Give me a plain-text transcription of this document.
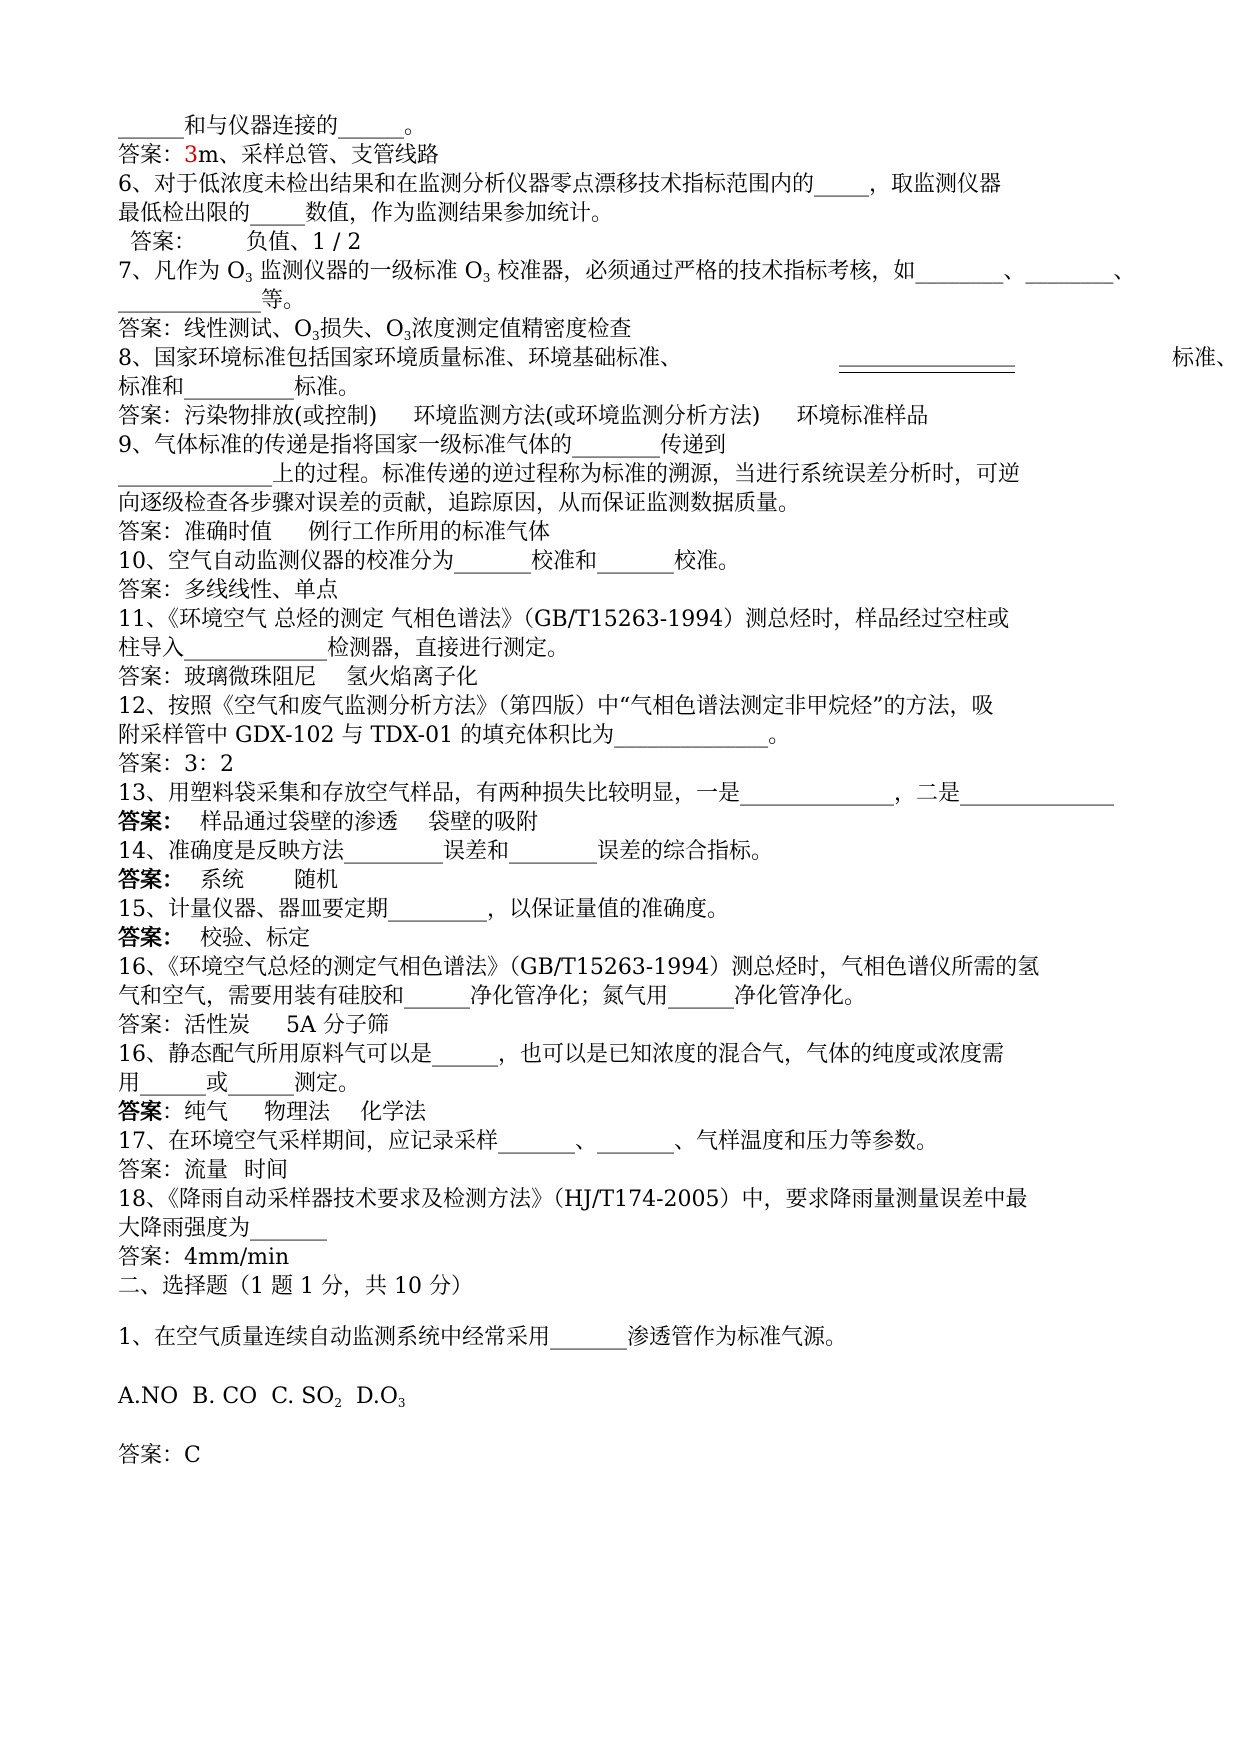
______和与仪器连接的______。
答案：3m、采样总管、支管线路
6、对于低浓度未检出结果和在监测分析仪器零点漂移技术指标范围内的_____，取监测仪器
最低检出限的_____数值，作为监测结果参加统计。
答案： 负值、1 / 2
7、凡作为 $O_3$ 监测仪器的一级标准 $O_3$ 校准器，必须通过严格的技术指标考核，如________、________、
_____________等。
答案：线性测试、$O_3$损失、$O_3$浓度测定值精密度检查
8、国家环境标准包括国家环境质量标准、环境基础标准、	________________	标准、
标准和__________标准。
答案：污染物排放(或控制) 环境监测方法(或环境监测分析方法) 环境标准样品
9、气体标准的传递是指将国家一级标准气体的________传递到
______________上的过程。标准传递的逆过程称为标准的溯源，当进行系统误差分析时，可逆
向逐级检查各步骤对误差的贡献，追踪原因，从而保证监测数据质量。
答案：准确时值 例行工作所用的标准气体
10、空气自动监测仪器的校准分为_______校准和_______校准。
答案：多线线性、单点
11、《环境空气 总烃的测定 气相色谱法》（GB/T15263-1994）测总烃时，样品经过空柱或
柱导入_____________检测器，直接进行测定。
答案：玻璃微珠阻尼 氢火焰离子化
12、按照《空气和废气监测分析方法》（第四版）中“气相色谱法测定非甲烷烃”的方法，吸
附采样管中 GDX-102 与 TDX-01 的填充体积比为______________。
答案：3：2
13、用塑料袋采集和存放空气样品，有两种损失比较明显，一是______________，二是______________
答案： 样品通过袋壁的渗透 袋壁的吸附
14、准确度是反映方法_________误差和________误差的综合指标。
答案： 系统 随机
15、计量仪器、器皿要定期_________，以保证量值的准确度。
答案： 校验、标定
16、《环境空气总烃的测定气相色谱法》（GB/T15263-1994）测总烃时，气相色谱仪所需的氢
气和空气，需要用装有硅胶和______净化管净化；氮气用______净化管净化。
答案：活性炭 5A 分子筛
16、静态配气所用原料气可以是______，也可以是已知浓度的混合气，气体的纯度或浓度需
用______或______测定。
答案：纯气 物理法 化学法
17、在环境空气采样期间，应记录采样_______、_______、气样温度和压力等参数。
答案：流量 时间
18、《降雨自动采样器技术要求及检测方法》（HJ/T174-2005）中，要求降雨量测量误差中最
大降雨强度为_______
答案：4mm/min
二、选择题（1 题 1 分，共 10 分）
1、在空气质量连续自动监测系统中经常采用_______渗透管作为标准气源。
A.NO B. CO C. $SO_2$ $D.O_3$
答案：C
